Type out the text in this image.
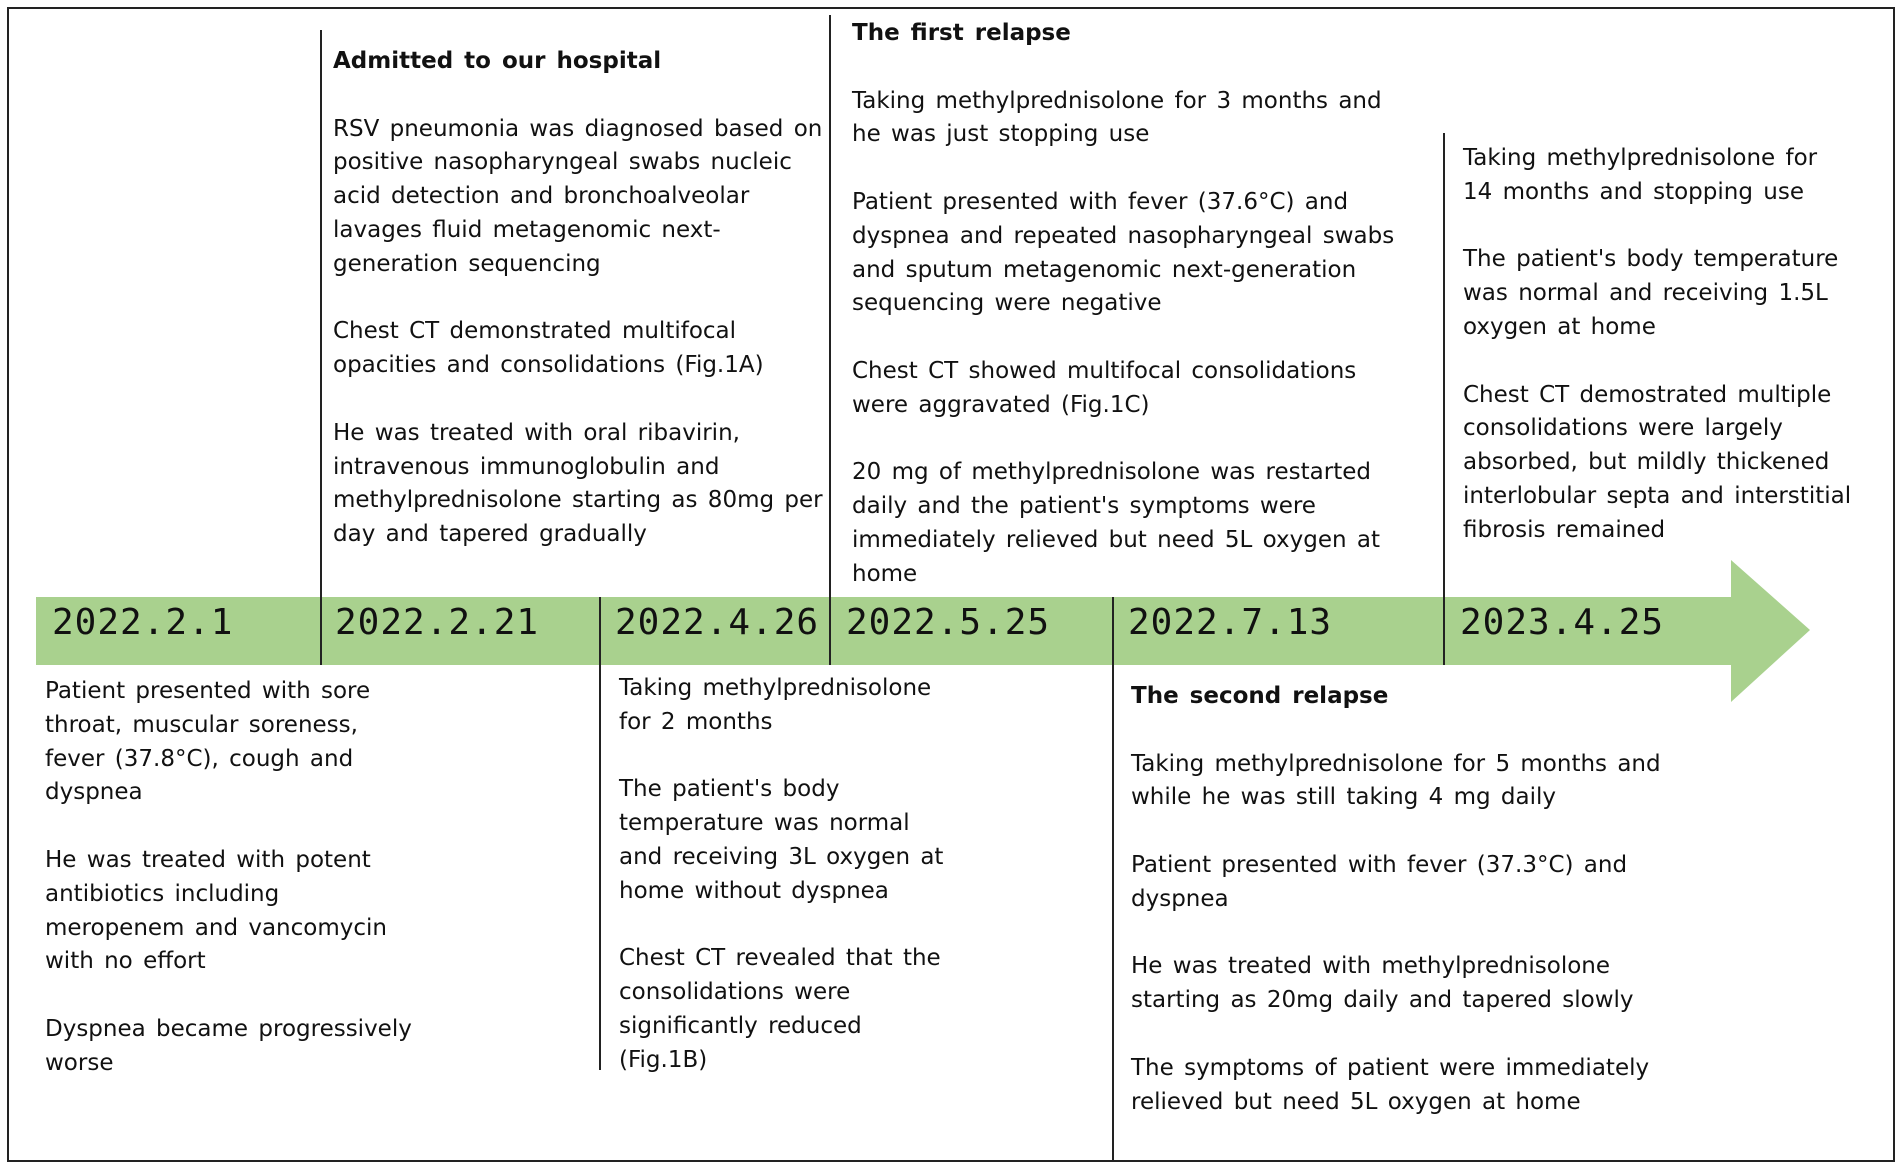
2022.2.1	2022.2.21 2022.4.26 2022.5.25 2022.7.13	2023.4.25

Admitted to our hospital

RSV pneumonia was diagnosed based on positive nasopharyngeal swabs nucleic acid detection and bronchoalveolar lavages fluid metagenomic next-generation sequencing

Chest CT demonstrated multifocal opacities and consolidations (Fig.1A)

He was treated with oral ribavirin, intravenous immunoglobulin and methylprednisolone starting as 80mg per day and tapered gradually

The first relapse

Taking methylprednisolone for 3 months and he was just stopping use

Patient presented with fever (37.6°C) and dyspnea and repeated nasopharyngeal swabs and sputum metagenomic next-generation sequencing were negative

Chest CT showed multifocal consolidations were aggravated (Fig.1C)

20 mg of methylprednisolone was restarted daily and the patient's symptoms were immediately relieved but need 5L oxygen at home

Taking methylprednisolone for 14 months and stopping use

The patient's body temperature was normal and receiving 1.5L oxygen at home

Chest CT demostrated multiple consolidations were largely absorbed, but mildly thickened interlobular septa and interstitial fibrosis remained

Patient presented with sore throat, muscular soreness, fever (37.8°C), cough and dyspnea

He was treated with potent antibiotics including meropenem and vancomycin with no effort

Dyspnea became progressively worse

Taking methylprednisolone for 2 months

The patient's body temperature was normal and receiving 3L oxygen at home without dyspnea

Chest CT revealed that the consolidations were significantly reduced (Fig.1B)

The second relapse

Taking methylprednisolone for 5 months and while he was still taking 4 mg daily

Patient presented with fever (37.3°C) and dyspnea

He was treated with methylprednisolone starting as 20mg daily and tapered slowly

The symptoms of patient were immediately relieved but need 5L oxygen at home
